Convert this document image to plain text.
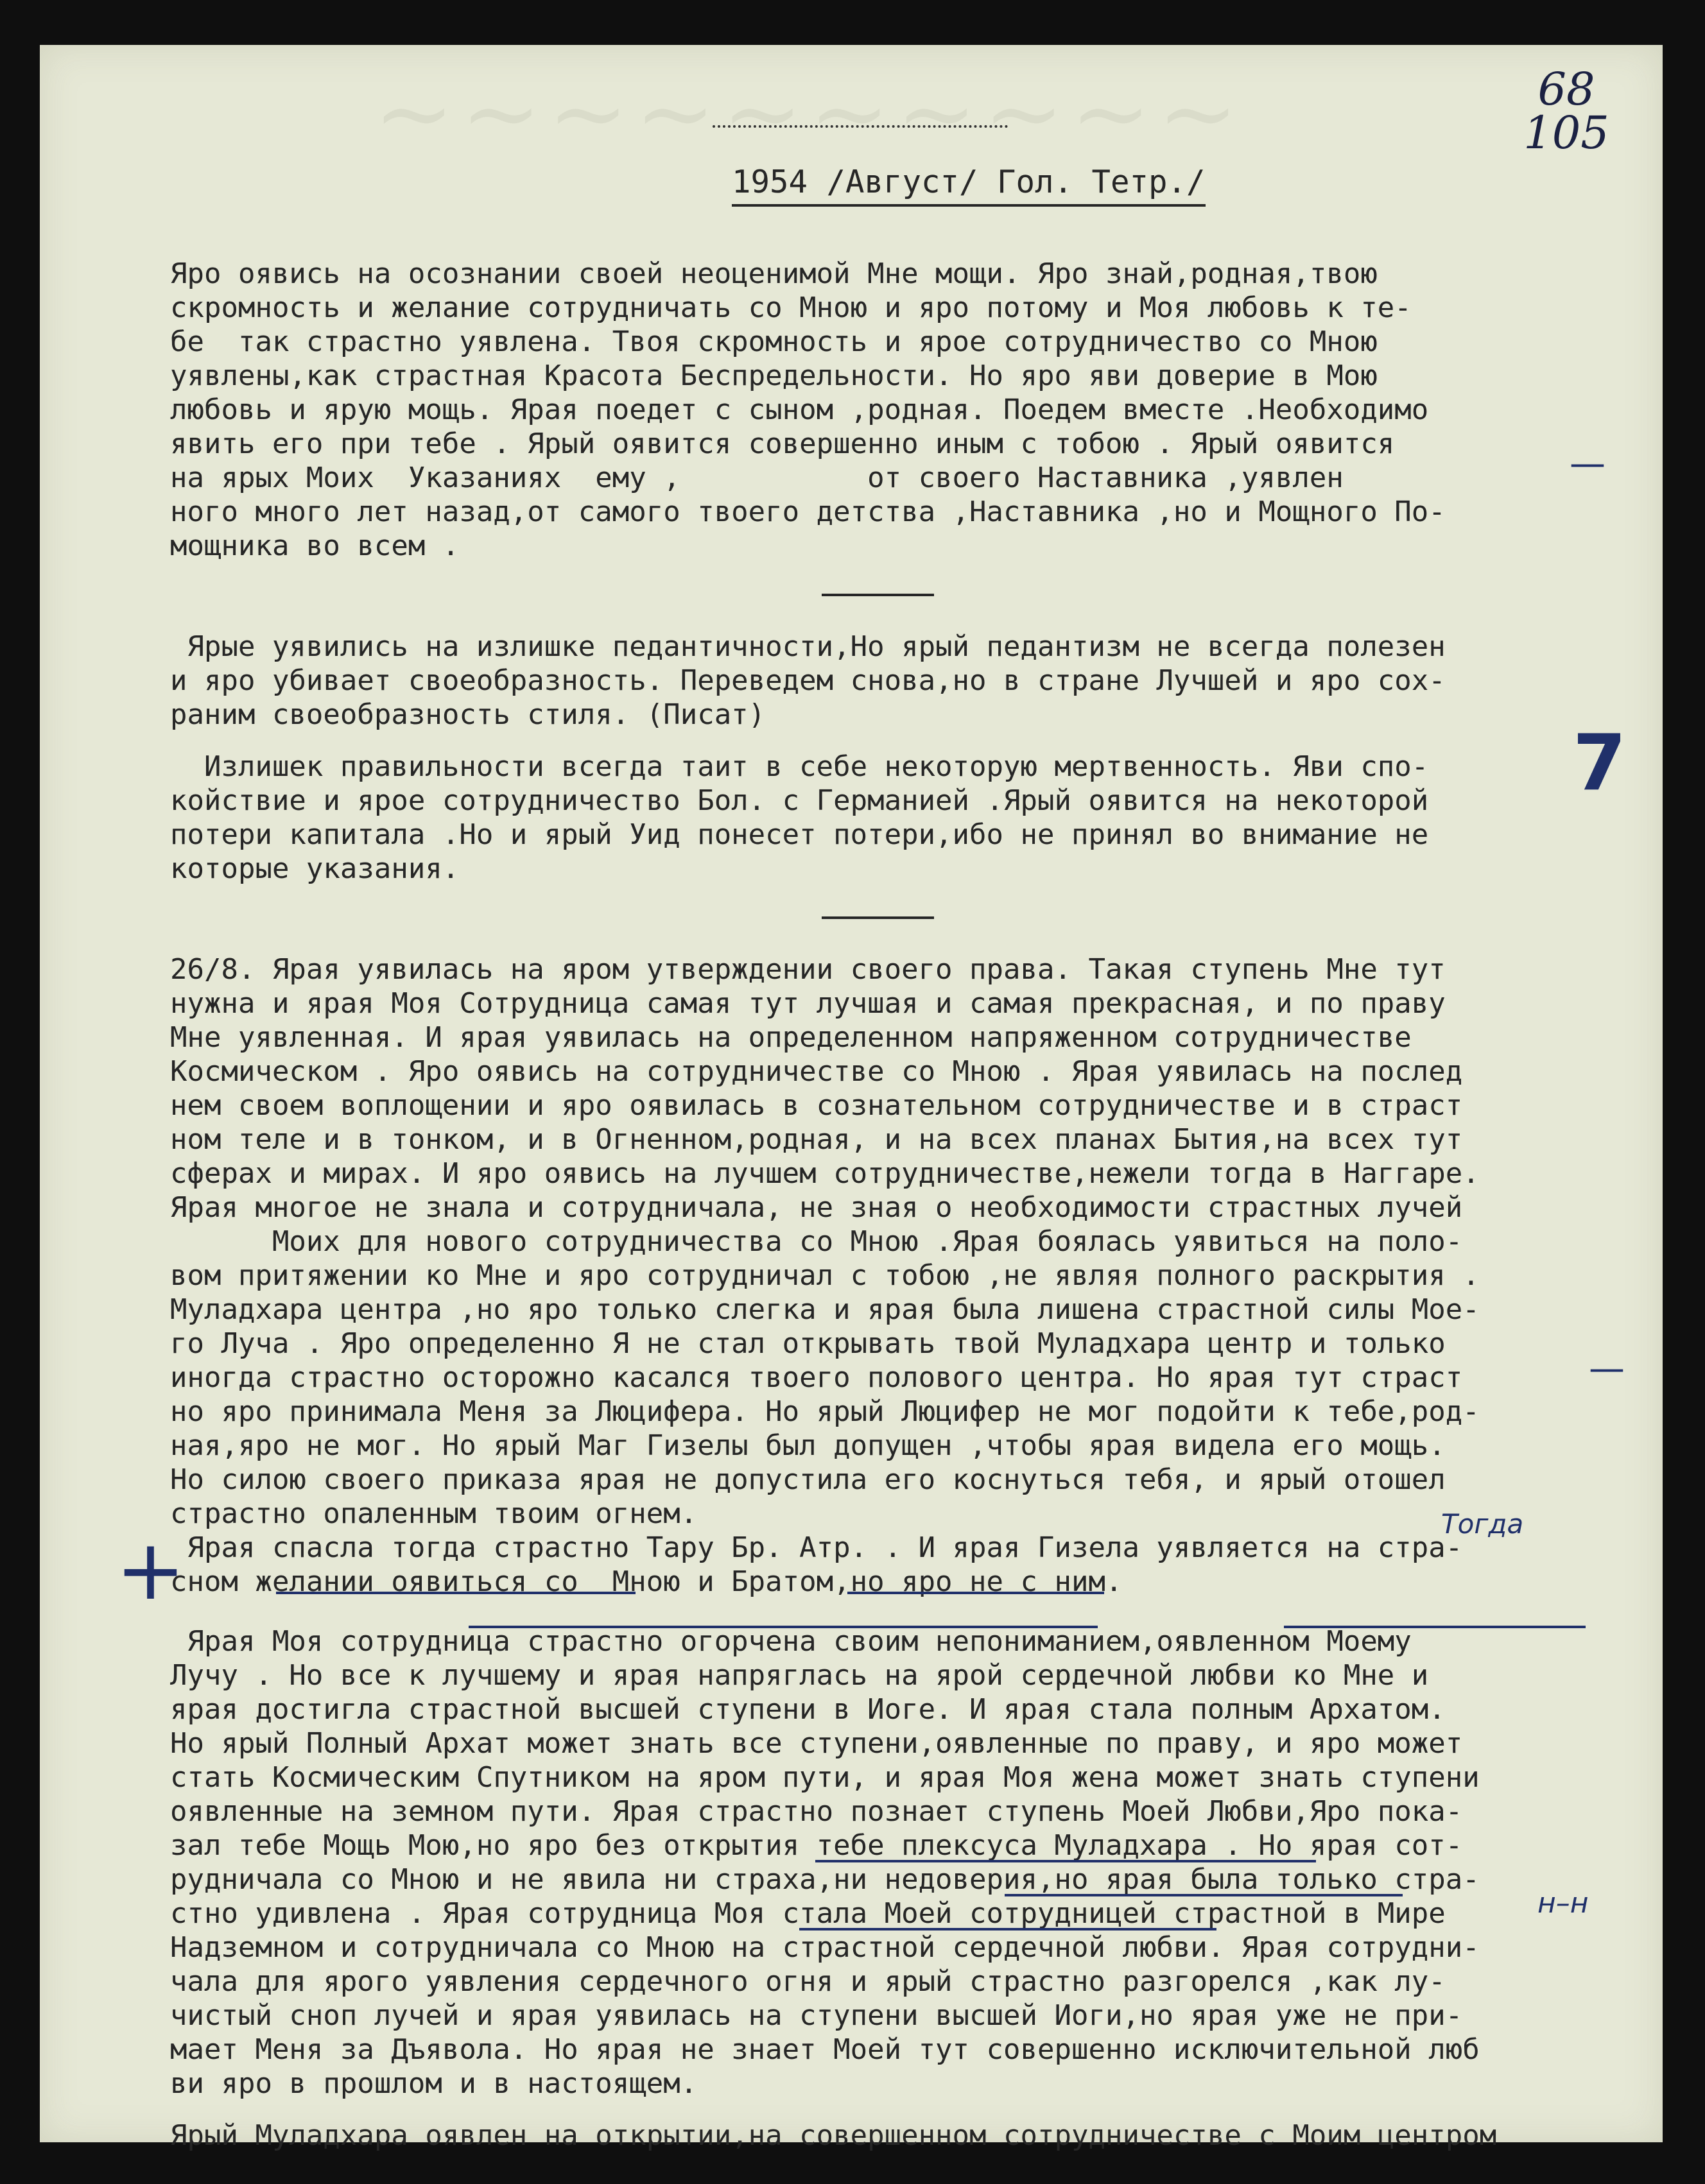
~~~~~~~~~~	68
105
1954 /Август/ Гол. Тетр./
Яро оявись на осознании своей неоценимой Мне мощи. Яро знай,родная,твою
скромность и желание сотрудничать со Мною и яро потому и Моя любовь к те-
бе  так страстно уявлена. Твоя скромность и ярое сотрудничество со Мною
уявлены,как страстная Красота Беспредельности. Но яро яви доверие в Мою
любовь и ярую мощь. Ярая поедет с сыном ,родная. Поедем вместе .Необходимо
явить его при тебе . Ярый оявится совершенно иным с тобою . Ярый оявится
на ярых Моих  Указаниях  ему ,           от своего Наставника ,уявлен
ного много лет назад,от самого твоего детства ,Наставника ,но и Мощного По-
мощника во всем .
Ярые уявились на излишке педантичности,Но ярый педантизм не всегда полезен
и яро убивает своеобразность. Переведем снова,но в стране Лучшей и яро сох-
раним своеобразность стиля. (Писат)
Излишек правильности всегда таит в себе некоторую мертвенность. Яви спо-
койствие и ярое сотрудничество Бол. с Германией .Ярый оявится на некоторой
потери капитала .Но и ярый Уид понесет потери,ибо не принял во внимание не
которые указания.
26/8. Ярая уявилась на яром утверждении своего права. Такая ступень Мне тут
нужна и ярая Моя Сотрудница самая тут лучшая и самая прекрасная, и по праву
Мне уявленная. И ярая уявилась на определенном напряженном сотрудничестве
Космическом . Яро оявись на сотрудничестве со Мною . Ярая уявилась на послед
нем своем воплощении и яро оявилась в сознательном сотрудничестве и в страст
ном теле и в тонком, и в Огненном,родная, и на всех планах Бытия,на всех тут
сферах и мирах. И яро оявись на лучшем сотрудничестве,нежели тогда в Наггаре.
Ярая многое не знала и сотрудничала, не зная о необходимости страстных лучей
Моих для нового сотрудничества со Мною .Ярая боялась уявиться на поло-
вом притяжении ко Мне и яро сотрудничал с тобою ,не являя полного раскрытия .
Муладхара центра ,но яро только слегка и ярая была лишена страстной силы Мое-
го Луча . Яро определенно Я не стал открывать твой Муладхара центр и только
иногда страстно осторожно касался твоего полового центра. Но ярая тут страст
но яро принимала Меня за Люцифера. Но ярый Люцифер не мог подойти к тебе,род-
ная,яро не мог. Но ярый Маг Гизелы был допущен ,чтобы ярая видела его мощь.
Но силою своего приказа ярая не допустила его коснуться тебя, и ярый отошел
страстно опаленным твоим огнем.
Ярая спасла тогда страстно Тару Бр. Атр. . И ярая Гизела уявляется на стра-
сном желании оявиться со  Мною и Братом,но яро не с ним.
Ярая Моя сотрудница страстно огорчена своим непониманием,оявленном Моему
Лучу . Но все к лучшему и ярая напряглась на ярой сердечной любви ко Мне и
ярая достигла страстной высшей ступени в Иоге. И ярая стала полным Архатом.
Но ярый Полный Архат может знать все ступени,оявленные по праву, и яро может
стать Космическим Спутником на яром пути, и ярая Моя жена может знать ступени
оявленные на земном пути. Ярая страстно познает ступень Моей Любви,Яро пока-
зал тебе Мощь Мою,но яро без открытия тебе плексуса Муладхара . Но ярая сот-
рудничала со Мною и не явила ни страха,ни недоверия,но ярая была только стра-
стно удивлена . Ярая сотрудница Моя стала Моей сотрудницей страстной в Мире
Надземном и сотрудничала со Мною на страстной сердечной любви. Ярая сотрудни-
чала для ярого уявления сердечного огня и ярый страстно разгорелся ,как лу-
чистый сноп лучей и ярая уявилась на ступени высшей Иоги,но ярая уже не при-
мает Меня за Дъявола. Но ярая не знает Моей тут совершенно исключительной люб
ви яро в прошлом и в настоящем.
Ярый Муладхара оявлен на открытии,на совершенном сотрудничестве с Моим центром
—
7
—
+	Тогда
н–н
